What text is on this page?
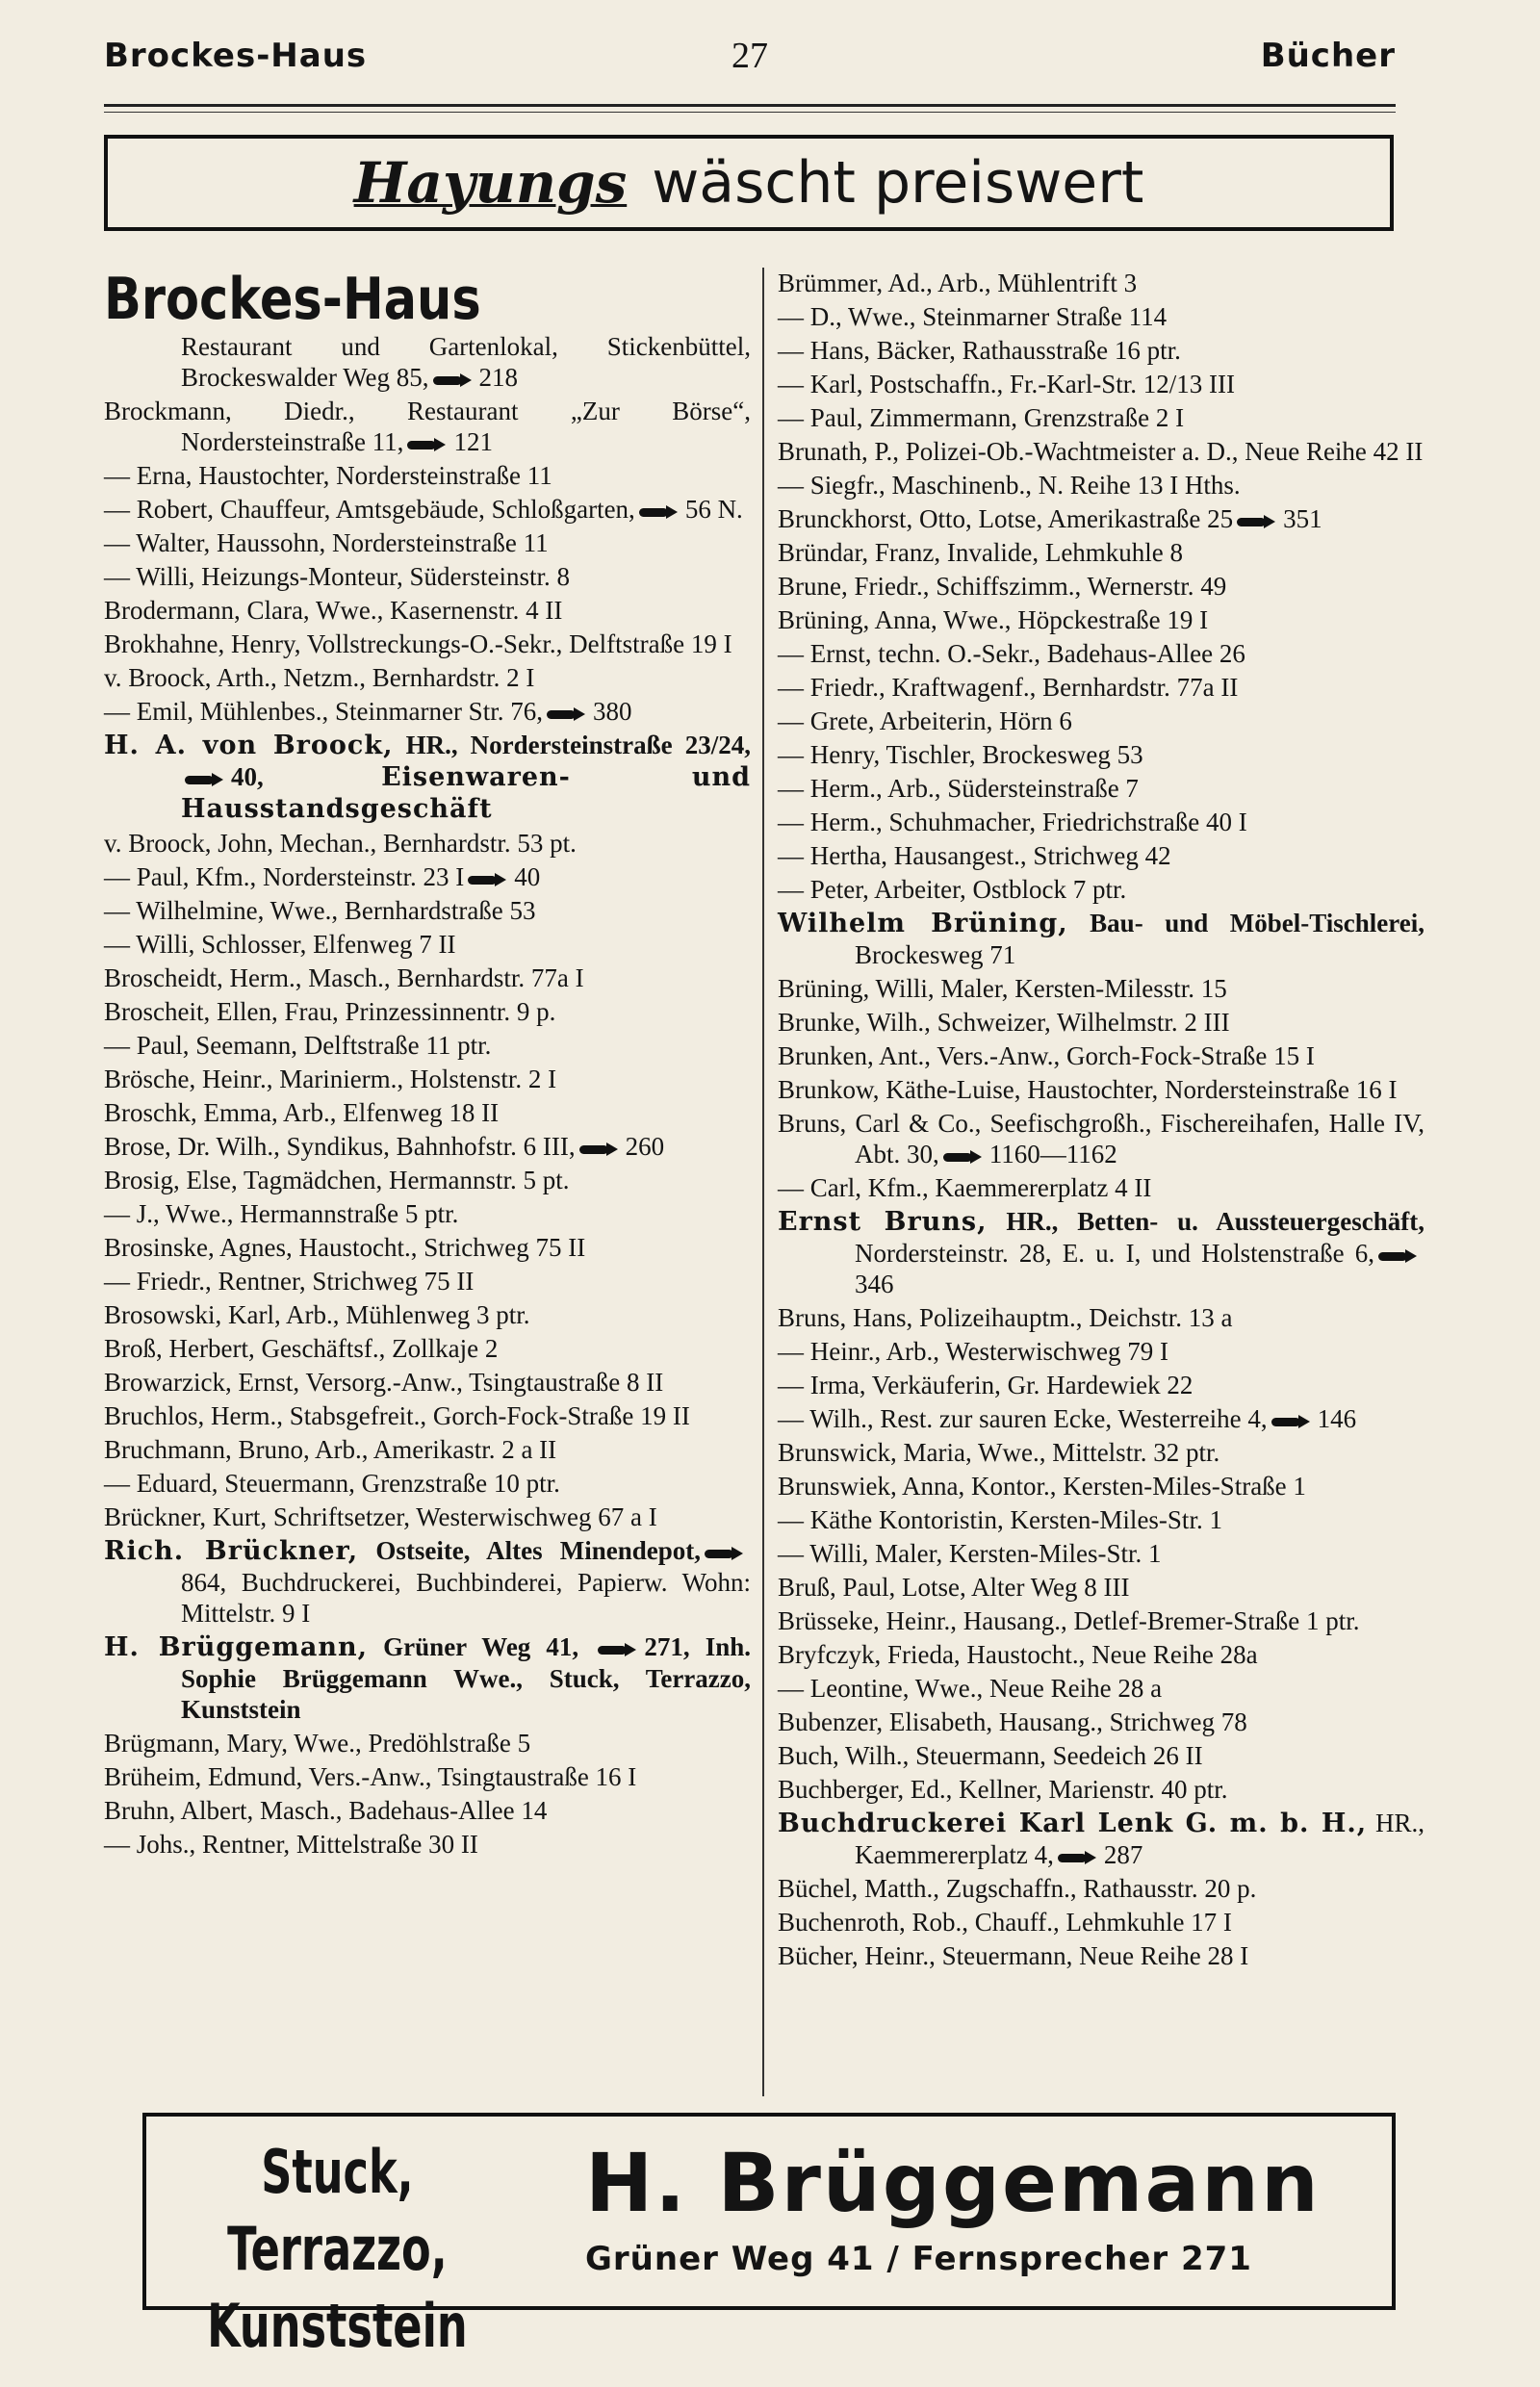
Brockes-Haus	27	Bücher
Hayungs wäscht preiswert
Brockes-Haus
Restaurant und Gartenlokal, Stickenbüttel, Brockeswalder Weg 85, 218
Brockmann, Diedr., Restaurant „Zur Börse“, Nordersteinstraße 11, 121
— Erna, Haustochter, Nordersteinstraße 11
— Robert, Chauffeur, Amtsgebäude, Schloßgarten, 56 N.
— Walter, Haussohn, Nordersteinstraße 11
— Willi, Heizungs-Monteur, Südersteinstr. 8
Brodermann, Clara, Wwe., Kasernenstr. 4 II
Brokhahne, Henry, Vollstreckungs-O.-Sekr., Delftstraße 19 I
v. Broock, Arth., Netzm., Bernhardstr. 2 I
— Emil, Mühlenbes., Steinmarner Str. 76, 380
H. A. von Broock, HR., Nordersteinstraße 23/24,40,	Eisenwaren- und Hausstandsgeschäft
v. Broock, John, Mechan., Bernhardstr. 53 pt.
— Paul, Kfm., Nordersteinstr. 23 I 40
— Wilhelmine, Wwe., Bernhardstraße 53
— Willi, Schlosser, Elfenweg 7 II
Broscheidt, Herm., Masch., Bernhardstr. 77a I
Broscheit, Ellen, Frau, Prinzessinnentr. 9 p.
— Paul, Seemann, Delftstraße 11 ptr.
Brösche, Heinr., Marinierm., Holstenstr. 2 I
Broschk, Emma, Arb., Elfenweg 18 II
Brose, Dr. Wilh., Syndikus, Bahnhofstr. 6 III, 260
Brosig, Else, Tagmädchen, Hermannstr. 5 pt.
— J., Wwe., Hermannstraße 5 ptr.
Brosinske, Agnes, Haustocht., Strichweg 75 II
— Friedr., Rentner, Strichweg 75 II
Brosowski, Karl, Arb., Mühlenweg 3 ptr.
Broß, Herbert, Geschäftsf., Zollkaje 2
Browarzick, Ernst, Versorg.-Anw., Tsingtaustraße 8 II
Bruchlos, Herm., Stabsgefreit., Gorch-Fock-Straße 19 II
Bruchmann, Bruno, Arb., Amerikastr. 2 a II
— Eduard, Steuermann, Grenzstraße 10 ptr.
Brückner, Kurt, Schriftsetzer, Westerwischweg 67 a I
Rich. Brückner, Ostseite, Altes Minendepot,864, Buchdruckerei, Buchbinderei, Papierw. Wohn: Mittelstr. 9 I
H. Brüggemann, Grüner Weg 41,	271, Inh. Sophie Brüggemann Wwe., Stuck, Terrazzo, Kunststein
Brügmann, Mary, Wwe., Predöhlstraße 5
Brüheim, Edmund, Vers.-Anw., Tsingtaustraße 16 I
Bruhn, Albert, Masch., Badehaus-Allee 14
— Johs., Rentner, Mittelstraße 30 II
Brümmer, Ad., Arb., Mühlentrift 3
— D., Wwe., Steinmarner Straße 114
— Hans, Bäcker, Rathausstraße 16 ptr.
— Karl, Postschaffn., Fr.-Karl-Str. 12/13 III
— Paul, Zimmermann, Grenzstraße 2 I
Brunath, P., Polizei-Ob.-Wachtmeister a. D., Neue Reihe 42 II
— Siegfr., Maschinenb., N. Reihe 13 I Hths.
Brunckhorst, Otto, Lotse, Amerikastraße 25 351
Bründar, Franz, Invalide, Lehmkuhle 8
Brune, Friedr., Schiffszimm., Wernerstr. 49
Brüning, Anna, Wwe., Höpckestraße 19 I
— Ernst, techn. O.-Sekr., Badehaus-Allee 26
— Friedr., Kraftwagenf., Bernhardstr. 77a II
— Grete, Arbeiterin, Hörn 6
— Henry, Tischler, Brockesweg 53
— Herm., Arb., Südersteinstraße 7
— Herm., Schuhmacher, Friedrichstraße 40 I
— Hertha, Hausangest., Strichweg 42
— Peter, Arbeiter, Ostblock 7 ptr.
Wilhelm Brüning, Bau- und Möbel-Tischlerei, Brockesweg 71
Brüning, Willi, Maler, Kersten-Milesstr. 15
Brunke, Wilh., Schweizer, Wilhelmstr. 2 III
Brunken, Ant., Vers.-Anw., Gorch-Fock-Straße 15 I
Brunkow, Käthe-Luise, Haustochter, Nordersteinstraße 16 I
Bruns, Carl & Co., Seefischgroßh., Fischereihafen, Halle IV, Abt. 30, 1160—1162
— Carl, Kfm., Kaemmererplatz 4 II
Ernst Bruns, HR., Betten- u. Aussteuergeschäft, Nordersteinstr. 28, E. u. I, und Holstenstraße 6,346
Bruns, Hans, Polizeihauptm., Deichstr. 13 a
— Heinr., Arb., Westerwischweg 79 I
— Irma, Verkäuferin, Gr. Hardewiek 22
— Wilh., Rest. zur sauren Ecke, Westerreihe 4, 146
Brunswick, Maria, Wwe., Mittelstr. 32 ptr.
Brunswiek, Anna, Kontor., Kersten-Miles-Straße 1
— Käthe Kontoristin, Kersten-Miles-Str. 1
— Willi, Maler, Kersten-Miles-Str. 1
Bruß, Paul, Lotse, Alter Weg 8 III
Brüsseke, Heinr., Hausang., Detlef-Bremer-Straße 1 ptr.
Bryfczyk, Frieda, Haustocht., Neue Reihe 28a
— Leontine, Wwe., Neue Reihe 28 a
Bubenzer, Elisabeth, Hausang., Strichweg 78
Buch, Wilh., Steuermann, Seedeich 26 II
Buchberger, Ed., Kellner, Marienstr. 40 ptr.
Buchdruckerei Karl Lenk G. m. b. H., HR., Kaemmererplatz 4, 287
Büchel, Matth., Zugschaffn., Rathausstr. 20 p.
Buchenroth, Rob., Chauff., Lehmkuhle 17 I
Bücher, Heinr., Steuermann, Neue Reihe 28 I
Stuck, Terrazzo,
Kunststein
H. Brüggemann
Grüner Weg 41 / Fernsprecher 271
